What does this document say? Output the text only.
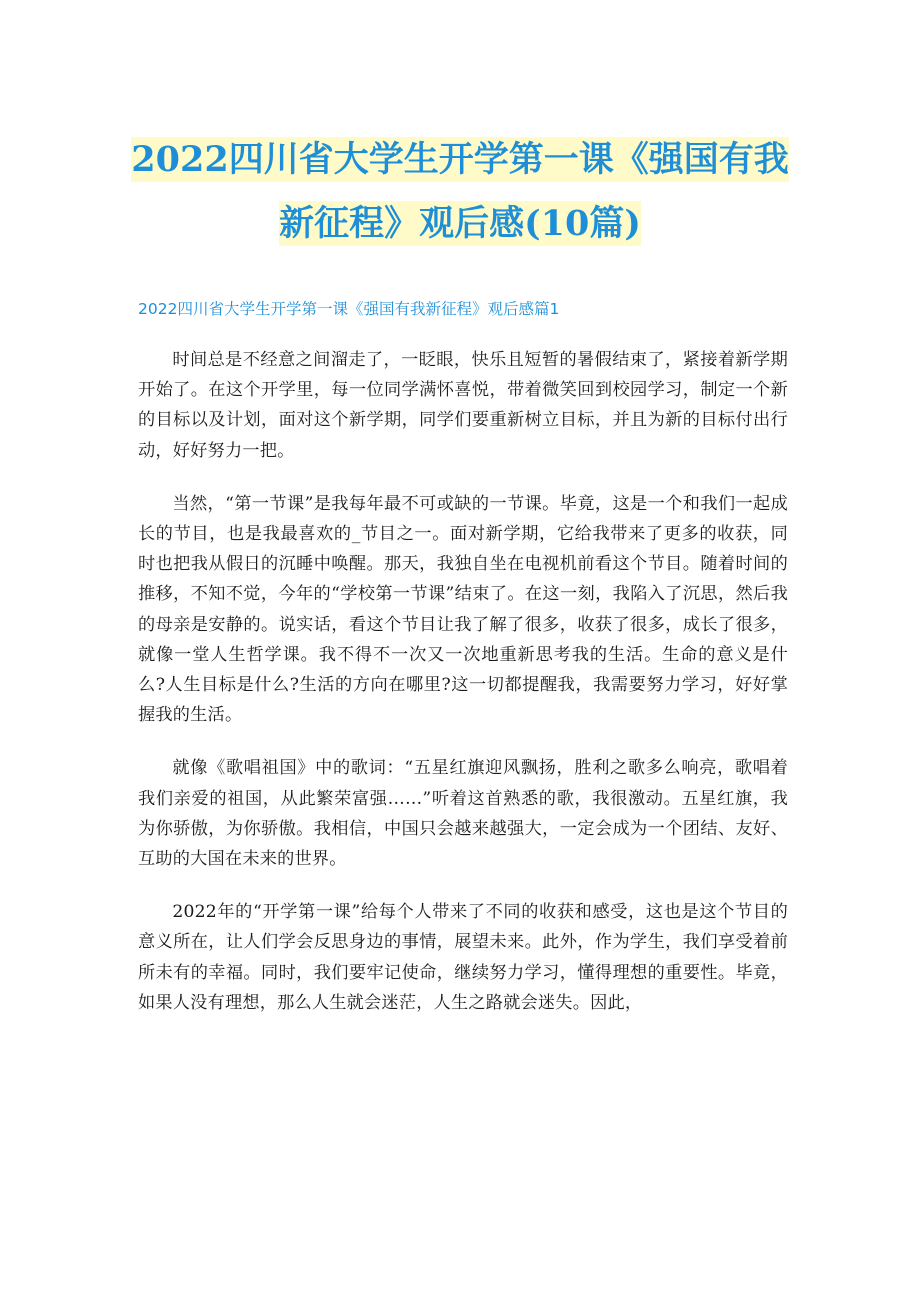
2022四川省大学生开学第一课《强国有我
新征程》观后感(10篇)
2022四川省大学生开学第一课《强国有我新征程》观后感篇1

时间总是不经意之间溜走了，一眨眼，快乐且短暂的暑假结束了，紧接着新学期开始了。在这个开学里，每一位同学满怀喜悦，带着微笑回到校园学习，制定一个新的目标以及计划，面对这个新学期，同学们要重新树立目标，并且为新的目标付出行动，好好努力一把。

当然，“第一节课”是我每年最不可或缺的一节课。毕竟，这是一个和我们一起成长的节目，也是我最喜欢的_节目之一。面对新学期，它给我带来了更多的收获，同时也把我从假日的沉睡中唤醒。那天，我独自坐在电视机前看这个节目。随着时间的推移，不知不觉，今年的“学校第一节课”结束了。在这一刻，我陷入了沉思，然后我的母亲是安静的。说实话，看这个节目让我了解了很多，收获了很多，成长了很多，就像一堂人生哲学课。我不得不一次又一次地重新思考我的生活。生命的意义是什么?人生目标是什么?生活的方向在哪里?这一切都提醒我，我需要努力学习，好好掌握我的生活。

就像《歌唱祖国》中的歌词：“五星红旗迎风飘扬，胜利之歌多么响亮，歌唱着我们亲爱的祖国，从此繁荣富强……”听着这首熟悉的歌，我很激动。五星红旗，我为你骄傲，为你骄傲。我相信，中国只会越来越强大，一定会成为一个团结、友好、互助的大国在未来的世界。

2022年的“开学第一课”给每个人带来了不同的收获和感受，这也是这个节目的意义所在，让人们学会反思身边的事情，展望未来。此外，作为学生，我们享受着前所未有的幸福。同时，我们要牢记使命，继续努力学习，懂得理想的重要性。毕竟，如果人没有理想，那么人生就会迷茫，人生之路就会迷失。因此，
